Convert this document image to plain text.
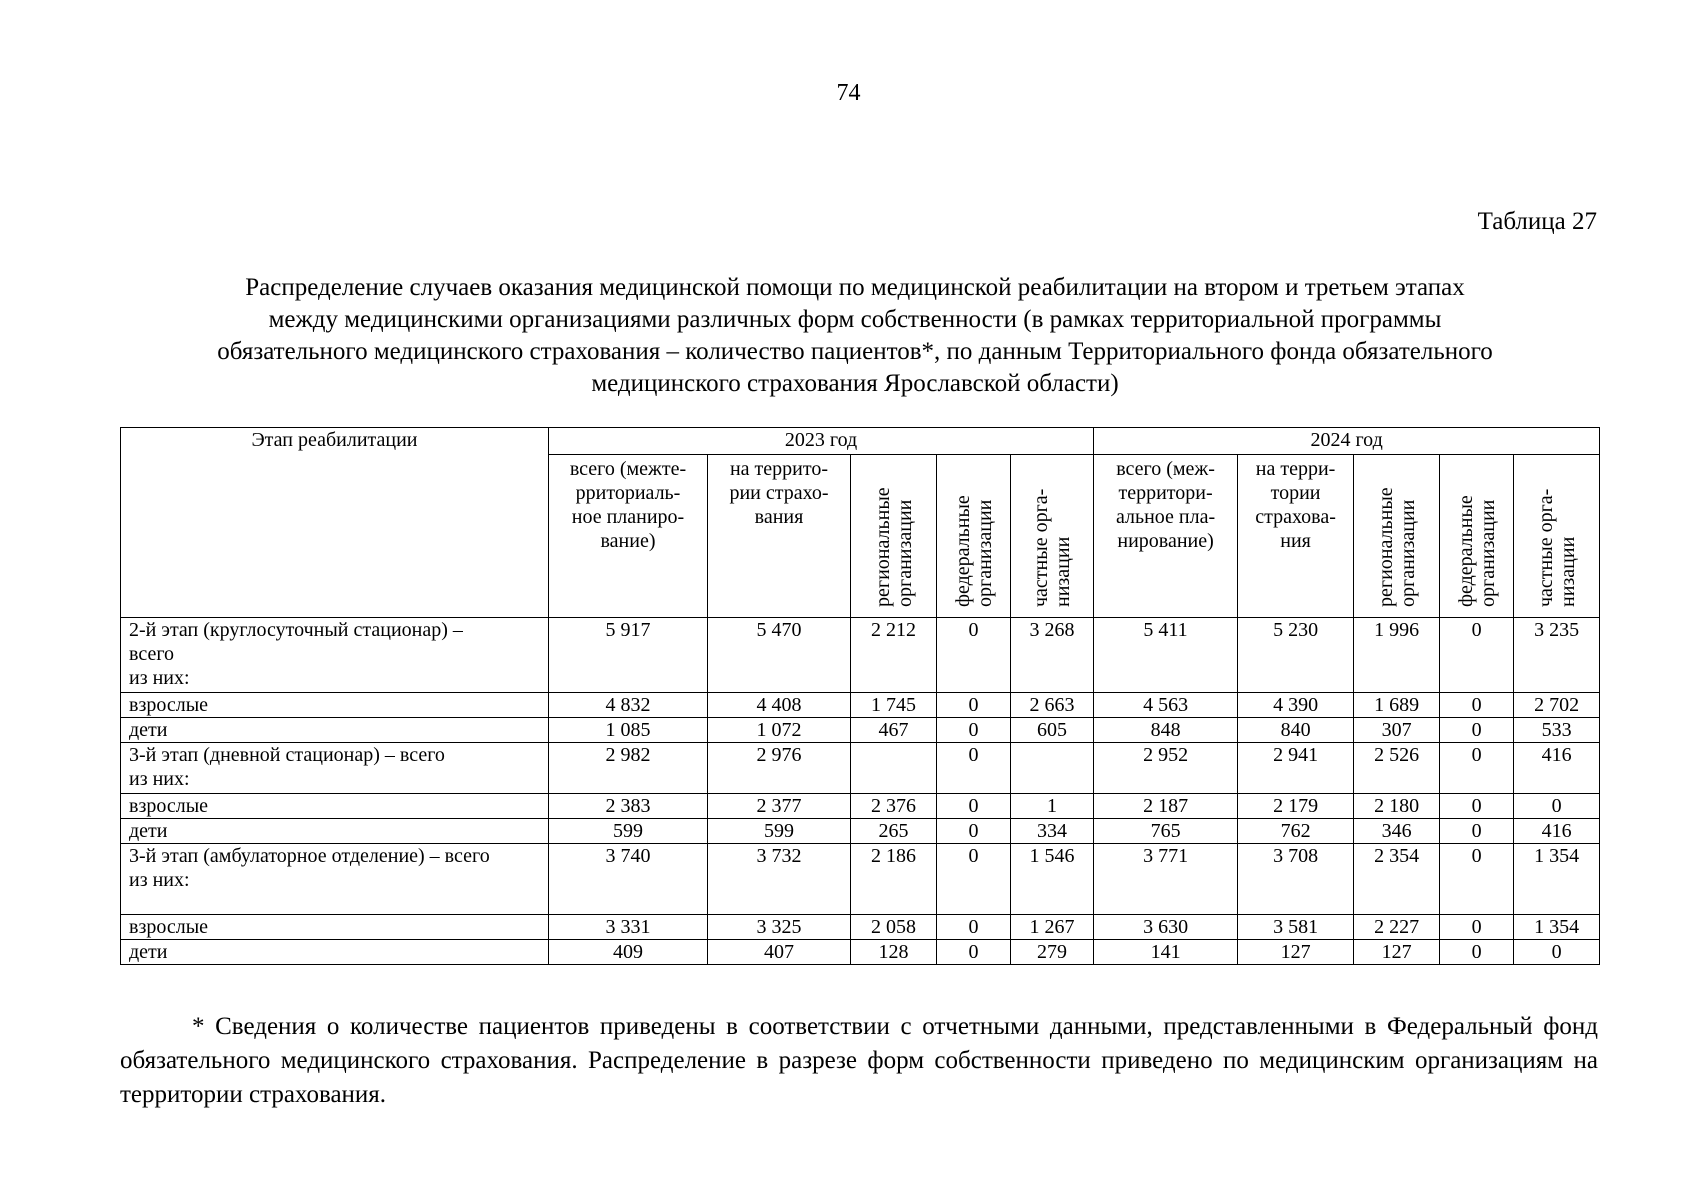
74
Таблица 27
Распределение случаев оказания медицинской помощи по медицинской реабилитации на втором и третьем этапах
между медицинскими организациями различных форм собственности (в рамках территориальной программы
обязательного медицинского страхования – количество пациентов*, по данным Территориального фонда обязательного
медицинского страхования Ярославской области)
Этап реабилитации	2023 год					2024 год				

	всего (межте-
рриториаль-
ное планиро-
вание)	на террито-
рии страхо-
вания	региональные
организации	федеральные
организации	частные орга-
низации	всего (меж-
территори-
альное пла-
нирование)	на терри-
тории
страхова-
ния	региональные
организации	федеральные
организации	частные орга-
низации
2-й этап (круглосуточный стационар) –
всего
из них:	5 917	5 470	2 212	0	3 268	5 411	5 230	1 996	0	3 235
взрослые	4 832	4 408	1 745	0	2 663	4 563	4 390	1 689	0	2 702
дети	1 085	1 072	467	0	605	848	840	307	0	533
3-й этап (дневной стационар) – всего
из них:	2 982	2 976		0		2 952	2 941	2 526	0	416
взрослые	2 383	2 377	2 376	0	1	2 187	2 179	2 180	0	0
дети	599	599	265	0	334	765	762	346	0	416
3-й этап (амбулаторное отделение) – всего
из них:	3 740	3 732	2 186	0	1 546	3 771	3 708	2 354	0	1 354
взрослые	3 331	3 325	2 058	0	1 267	3 630	3 581	2 227	0	1 354
дети	409	407	128	0	279	141	127	127	0	0
* Сведения о количестве пациентов приведены в соответствии с отчетными данными, представленными в Федеральный фонд обязательного медицинского страхования. Распределение в разрезе форм собственности приведено по медицинским организациям на территории страхования.
